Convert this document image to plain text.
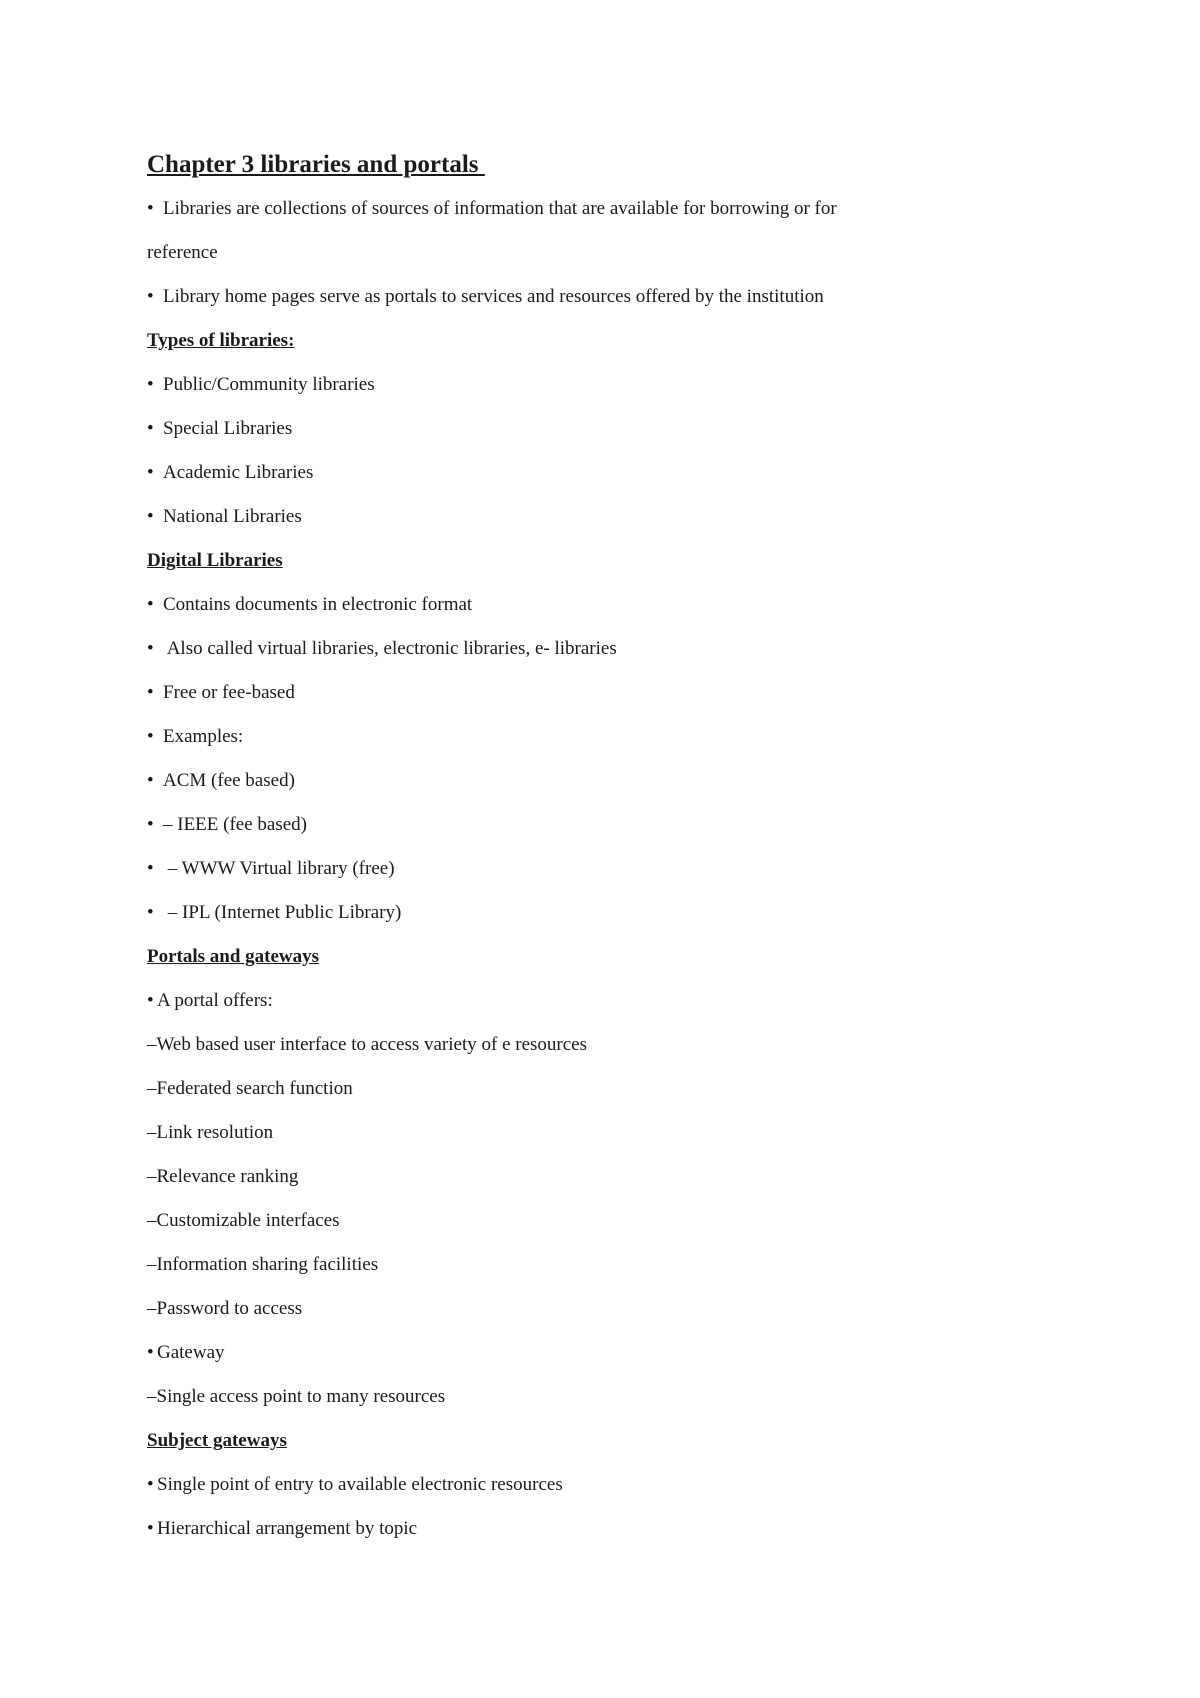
Chapter 3 libraries and portals
• Libraries are collections of sources of information that are available for borrowing or for
reference
• Library home pages serve as portals to services and resources offered by the institution
Types of libraries:
• Public/Community libraries
• Special Libraries
• Academic Libraries
• National Libraries
Digital Libraries
• Contains documents in electronic format
• Also called virtual libraries, electronic libraries, e- libraries
• Free or fee-based
• Examples:
• ACM (fee based)
• – IEEE (fee based)
• – WWW Virtual library (free)
• – IPL (Internet Public Library)
Portals and gateways
• A portal offers:
–Web based user interface to access variety of e resources
–Federated search function
–Link resolution
–Relevance ranking
–Customizable interfaces
–Information sharing facilities
–Password to access
• Gateway
–Single access point to many resources
Subject gateways
• Single point of entry to available electronic resources
• Hierarchical arrangement by topic
